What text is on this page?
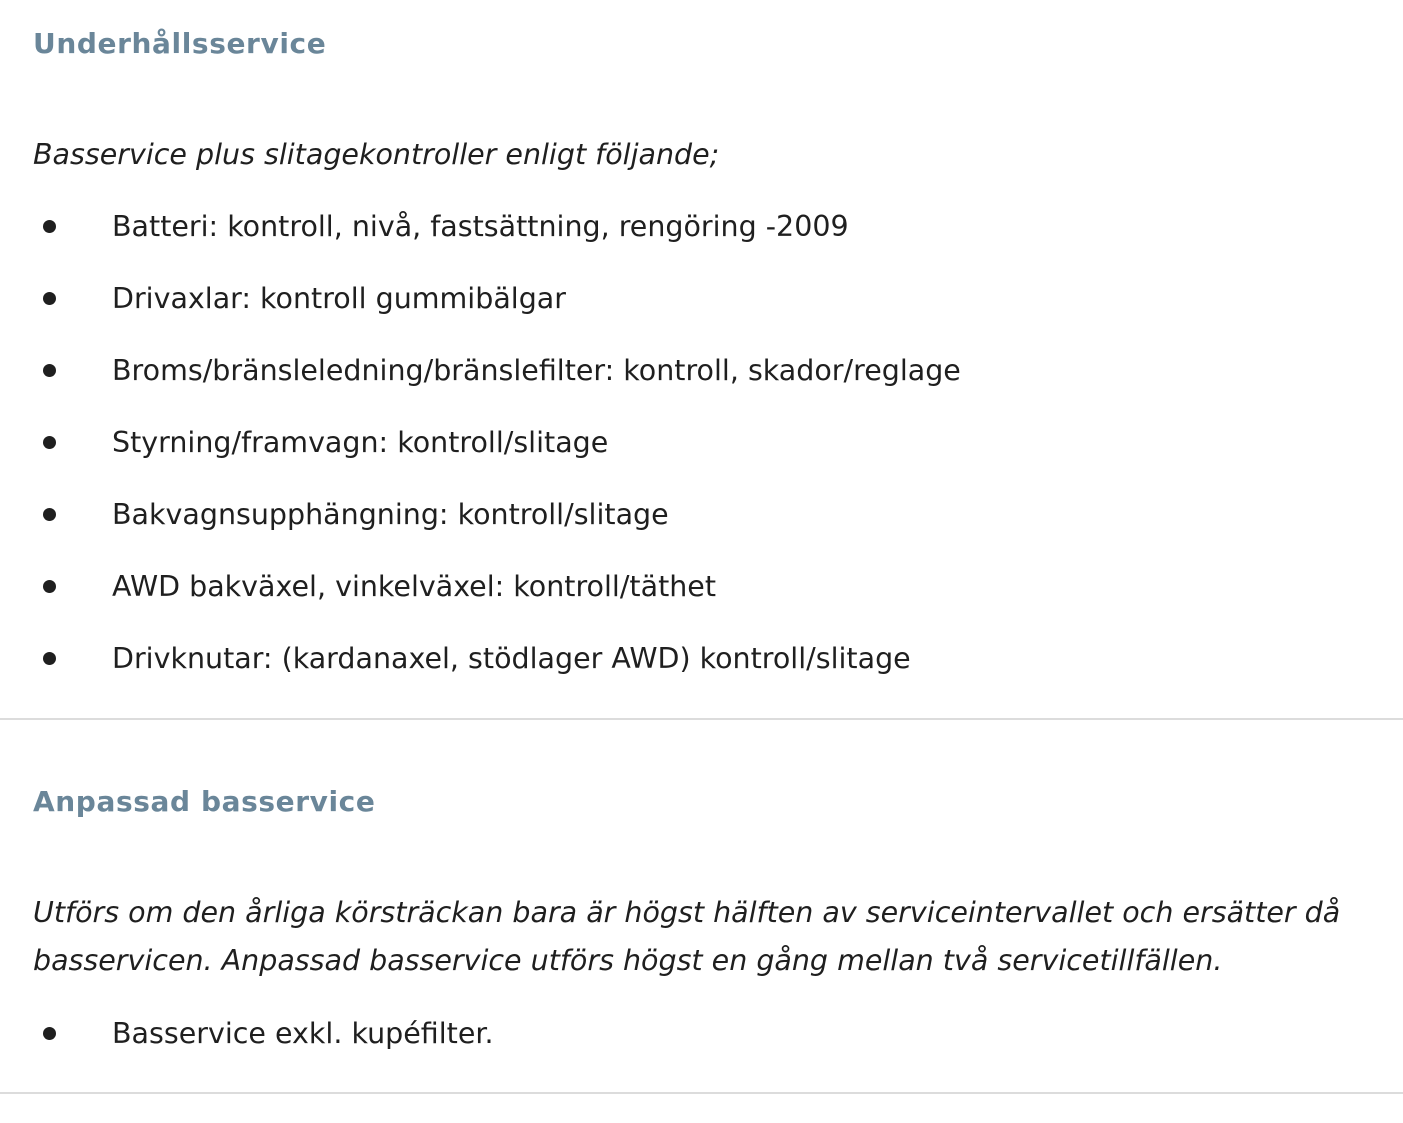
Underhållsservice

Basservice plus slitagekontroller enligt följande;

Batteri: kontroll, nivå, fastsättning, rengöring -2009
Drivaxlar: kontroll gummibälgar
Broms/bränsleledning/bränslefilter: kontroll, skador/reglage
Styrning/framvagn: kontroll/slitage
Bakvagnsupphängning: kontroll/slitage
AWD bakväxel, vinkelväxel: kontroll/täthet
Drivknutar: (kardanaxel, stödlager AWD) kontroll/slitage
Anpassad basservice

Utförs om den årliga körsträckan bara är högst hälften av serviceintervallet och ersätter då basservicen. Anpassad basservice utförs högst en gång mellan två servicetillfällen.

Basservice exkl. kupéfilter.
